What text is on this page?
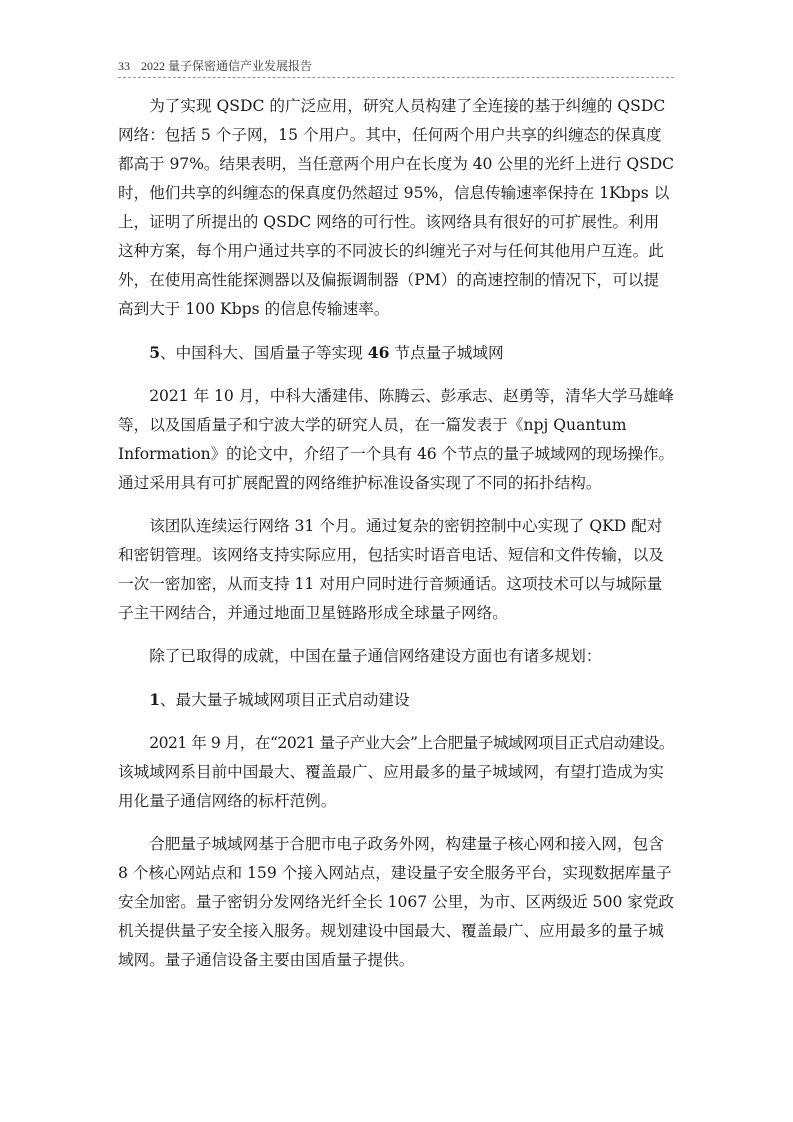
33 2022 量子保密通信产业发展报告

为了实现 QSDC 的广泛应用，研究人员构建了全连接的基于纠缠的 QSDC
网络：包括 5 个子网，15 个用户。其中，任何两个用户共享的纠缠态的保真度
都高于 97%。结果表明，当任意两个用户在长度为 40 公里的光纤上进行 QSDC
时，他们共享的纠缠态的保真度仍然超过 95%，信息传输速率保持在 1Kbps 以
上，证明了所提出的 QSDC 网络的可行性。该网络具有很好的可扩展性。利用
这种方案，每个用户通过共享的不同波长的纠缠光子对与任何其他用户互连。此
外，在使用高性能探测器以及偏振调制器（PM）的高速控制的情况下，可以提
高到大于 100 Kbps 的信息传输速率。

5、中国科大、国盾量子等实现 46 节点量子城域网

2021 年 10 月，中科大潘建伟、陈腾云、彭承志、赵勇等，清华大学马雄峰
等，以及国盾量子和宁波大学的研究人员，在一篇发表于《npj Quantum
Information》的论文中，介绍了一个具有 46 个节点的量子城域网的现场操作。
通过采用具有可扩展配置的网络维护标准设备实现了不同的拓扑结构。

该团队连续运行网络 31 个月。通过复杂的密钥控制中心实现了 QKD 配对
和密钥管理。该网络支持实际应用，包括实时语音电话、短信和文件传输，以及
一次一密加密，从而支持 11 对用户同时进行音频通话。这项技术可以与城际量
子主干网结合，并通过地面卫星链路形成全球量子网络。

除了已取得的成就，中国在量子通信网络建设方面也有诸多规划：

1、最大量子城域网项目正式启动建设

2021 年 9 月，在“2021 量子产业大会”上合肥量子城域网项目正式启动建设。
该城域网系目前中国最大、覆盖最广、应用最多的量子城域网，有望打造成为实
用化量子通信网络的标杆范例。

合肥量子城域网基于合肥市电子政务外网，构建量子核心网和接入网，包含
8 个核心网站点和 159 个接入网站点，建设量子安全服务平台，实现数据库量子
安全加密。量子密钥分发网络光纤全长 1067 公里，为市、区两级近 500 家党政
机关提供量子安全接入服务。规划建设中国最大、覆盖最广、应用最多的量子城
域网。量子通信设备主要由国盾量子提供。
